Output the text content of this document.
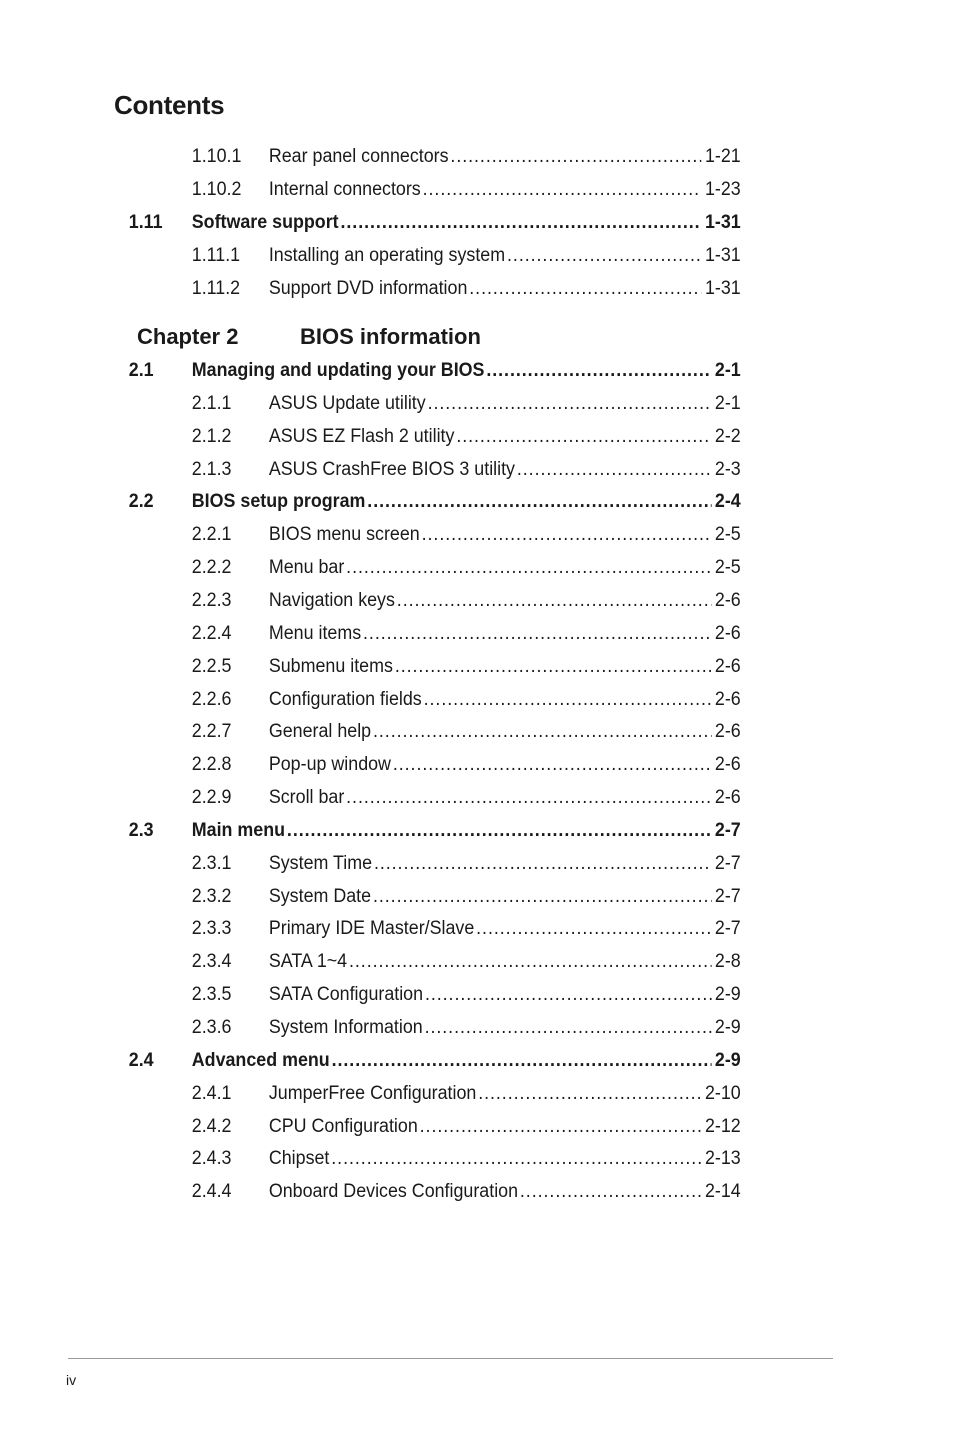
Contents
1.10.1 Rear panel connectors .....	1-21
1.10.2 Internal connectors .....	1-23
1.11 Software support .....	1-31
1.11.1 Installing an operating system .....	1-31
1.11.2 Support DVD information .....	1-31
2.1 Managing and updating your BIOS .....	2-1
2.1.1 ASUS Update utility .....	2-1
2.1.2 ASUS EZ Flash 2 utility .....	2-2
2.1.3 ASUS CrashFree BIOS 3 utility .....	2-3
2.2 BIOS setup program .....	2-4
2.2.1 BIOS menu screen .....	2-5
2.2.2 Menu bar .....	2-5
2.2.3 Navigation keys .....	2-6
2.2.4 Menu items .....	2-6
2.2.5 Submenu items .....	2-6
2.2.6 Configuration fields .....	2-6
2.2.7 General help .....	2-6
2.2.8 Pop-up window .....	2-6
2.2.9 Scroll bar .....	2-6
2.3 Main menu .....	2-7
2.3.1 System Time .....	2-7
2.3.2 System Date .....	2-7
2.3.3 Primary IDE Master/Slave .....	2-7
2.3.4 SATA 1~4 .....	2-8
2.3.5 SATA Configuration .....	2-9
2.3.6 System Information .....	2-9
2.4 Advanced menu .....	2-9
2.4.1 JumperFree Configuration .....	2-10
2.4.2 CPU Configuration .....	2-12
2.4.3 Chipset .....	2-13
2.4.4 Onboard Devices Configuration .....	2-14
Chapter 2	BIOS information
iv
